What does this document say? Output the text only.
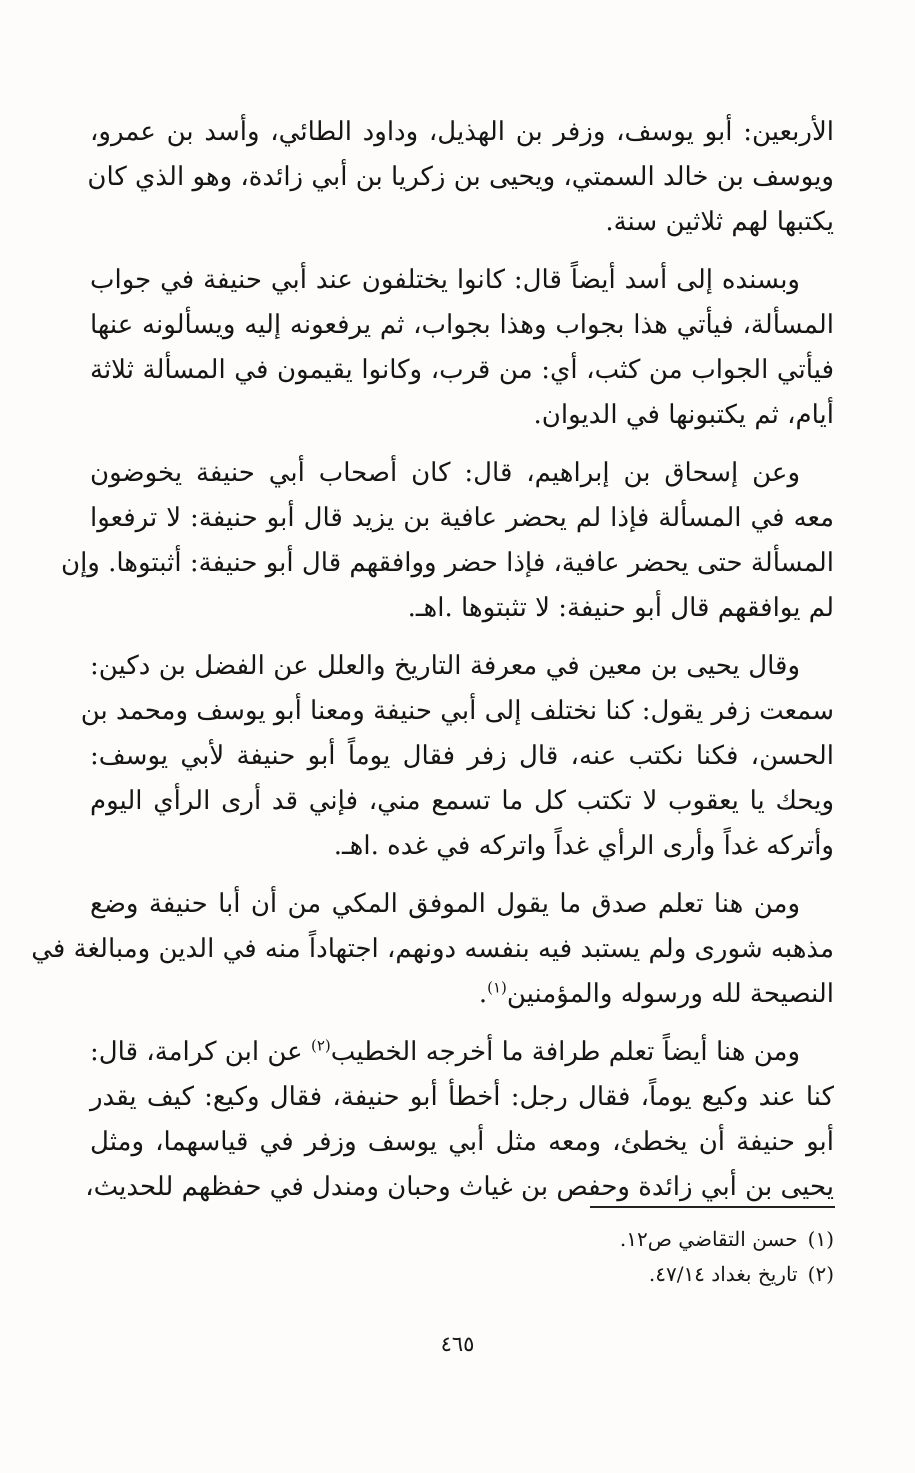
الأربعين: أبو يوسف، وزفر بن الهذيل، وداود الطائي، وأسد بن عمرو،
ويوسف بن خالد السمتي، ويحيى بن زكريا بن أبي زائدة، وهو الذي كان
يكتبها لهم ثلاثين سنة.

وبسنده إلى أسد أيضاً قال: كانوا يختلفون عند أبي حنيفة في جواب
المسألة، فيأتي هذا بجواب وهذا بجواب، ثم يرفعونه إليه ويسألونه عنها
فيأتي الجواب من كثب، أي: من قرب، وكانوا يقيمون في المسألة ثلاثة
أيام، ثم يكتبونها في الديوان.

وعن إسحاق بن إبراهيم، قال: كان أصحاب أبي حنيفة يخوضون
معه في المسألة فإذا لم يحضر عافية بن يزيد قال أبو حنيفة: لا ترفعوا
المسألة حتى يحضر عافية، فإذا حضر ووافقهم قال أبو حنيفة: أثبتوها. وإن
لم يوافقهم قال أبو حنيفة: لا تثبتوها .اهـ.

وقال يحيى بن معين في معرفة التاريخ والعلل عن الفضل بن دكين:
سمعت زفر يقول: كنا نختلف إلى أبي حنيفة ومعنا أبو يوسف ومحمد بن
الحسن، فكنا نكتب عنه، قال زفر فقال يوماً أبو حنيفة لأبي يوسف:
ويحك يا يعقوب لا تكتب كل ما تسمع مني، فإني قد أرى الرأي اليوم
وأتركه غداً وأرى الرأي غداً واتركه في غده .اهـ.

ومن هنا تعلم صدق ما يقول الموفق المكي من أن أبا حنيفة وضع
مذهبه شورى ولم يستبد فيه بنفسه دونهم، اجتهاداً منه في الدين ومبالغة في
النصيحة لله ورسوله والمؤمنين$^{(١)}$.

ومن هنا أيضاً تعلم طرافة ما أخرجه الخطيب$^{(٢)}$ عن ابن كرامة، قال:
كنا عند وكيع يوماً، فقال رجل: أخطأ أبو حنيفة، فقال وكيع: كيف يقدر
أبو حنيفة أن يخطئ، ومعه مثل أبي يوسف وزفر في قياسهما، ومثل
يحيى بن أبي زائدة وحفص بن غياث وحبان ومندل في حفظهم للحديث،

(١)حسن التقاضي ص١٢.
(٢)تاريخ بغداد ٤٧/١٤.
٤٦٥
